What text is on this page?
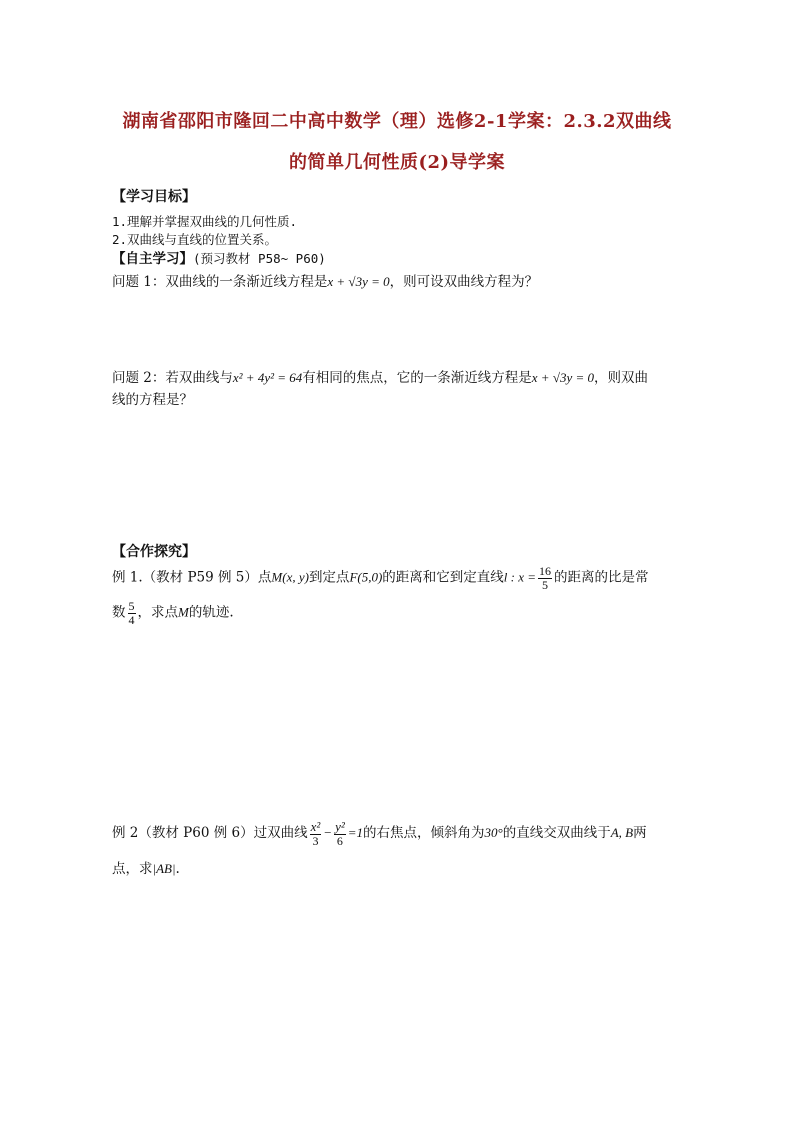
湖南省邵阳市隆回二中高中数学（理）选修2-1学案：2.3.2双曲线
的简单几何性质(2)导学案
【学习目标】
1.理解并掌握双曲线的几何性质.
2.双曲线与直线的位置关系。
【自主学习】(预习教材 P58~ P60)
问题 1：双曲线的一条渐近线方程是x + √3y = 0，则可设双曲线方程为？
问题 2：若双曲线与x² + 4y² = 64有相同的焦点，它的一条渐近线方程是x + √3y = 0，则双曲
线的方程是？
【合作探究】
例 1.（教材 P59 例 5）点M(x, y)到定点F(5,0)的距离和它到定直线l : $x = \frac{16}{5}$ 的距离的比是常
数 $\frac{5}{4}$ ，求点M的轨迹.
例 2（教材 P60 例 6）过双曲线 $\frac{\text{x²}}{3} - \frac{\text{y²}}{6} =1$的右焦点，倾斜角为30°的直线交双曲线于A, B两
点，求|AB|.
